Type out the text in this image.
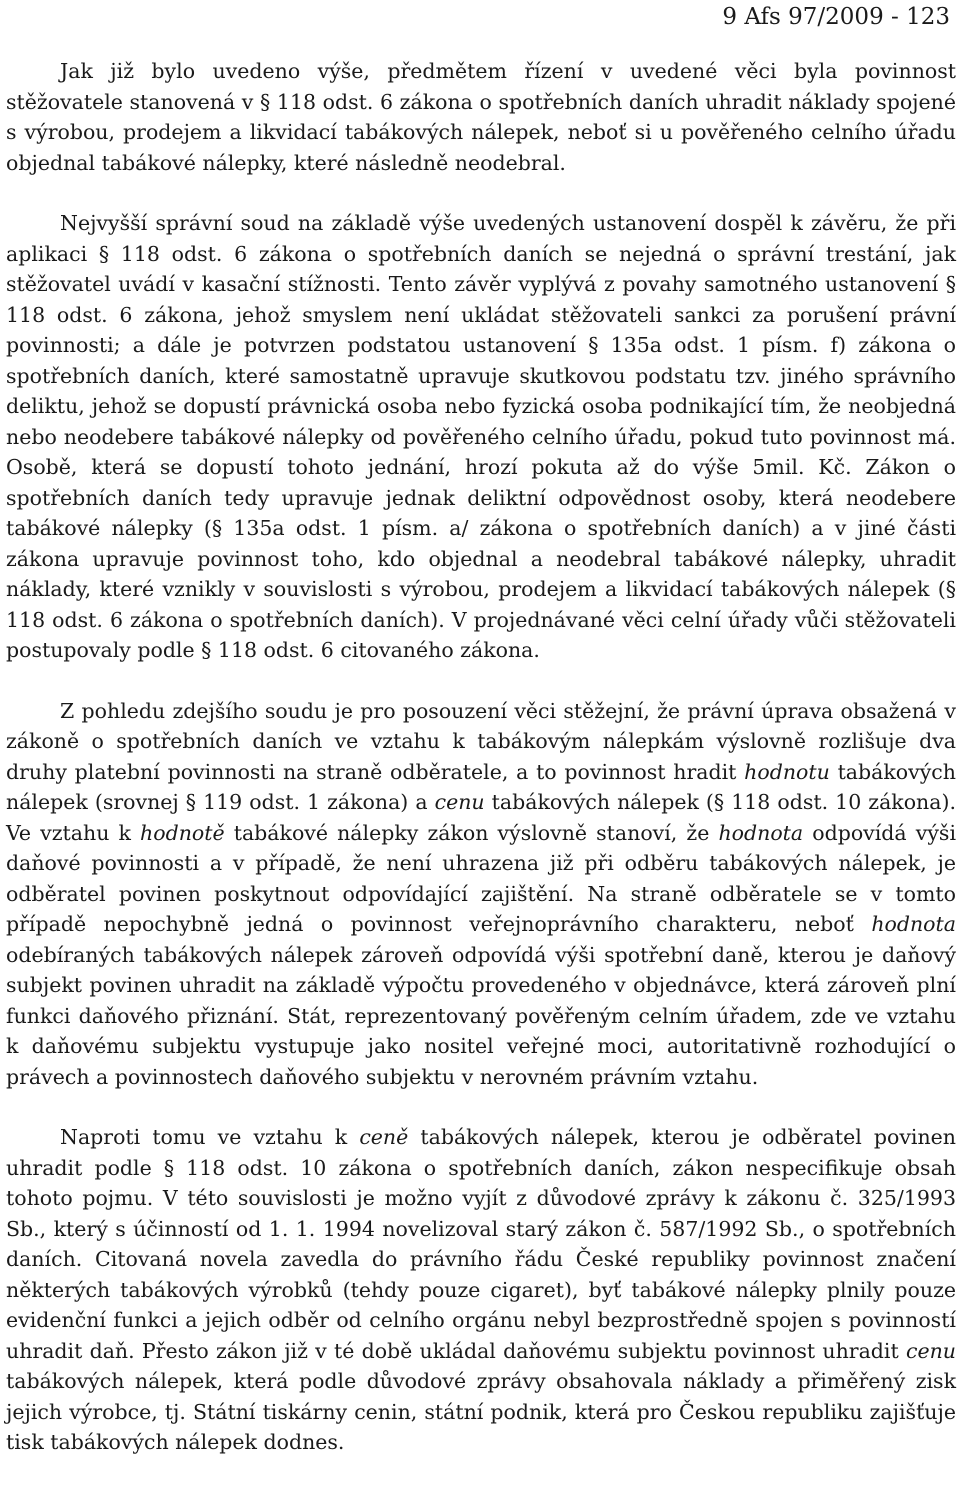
9 Afs 97/2009 - 123

Jak již bylo uvedeno výše, předmětem řízení v uvedené věci byla povinnost stěžovatele stanovená v § 118 odst. 6 zákona o spotřebních daních uhradit náklady spojené s výrobou, prodejem a likvidací tabákových nálepek, neboť si u pověřeného celního úřadu objednal tabákové nálepky, které následně neodebral.

Nejvyšší správní soud na základě výše uvedených ustanovení dospěl k závěru, že při aplikaci § 118 odst. 6 zákona o spotřebních daních se nejedná o správní trestání, jak stěžovatel uvádí v kasační stížnosti. Tento závěr vyplývá z povahy samotného ustanovení § 118 odst. 6 zákona, jehož smyslem není ukládat stěžovateli sankci za porušení právní povinnosti; a dále je potvrzen podstatou ustanovení § 135a odst. 1 písm. f) zákona o spotřebních daních, které samostatně upravuje skutkovou podstatu tzv. jiného správního deliktu, jehož se dopustí právnická osoba nebo fyzická osoba podnikající tím, že neobjedná nebo neodebere tabákové nálepky od pověřeného celního úřadu, pokud tuto povinnost má. Osobě, která se dopustí tohoto jednání, hrozí pokuta až do výše 5mil. Kč. Zákon o spotřebních daních tedy upravuje jednak deliktní odpovědnost osoby, která neodebere tabákové nálepky (§ 135a odst. 1 písm. a/ zákona o spotřebních daních) a v jiné části zákona upravuje povinnost toho, kdo objednal a neodebral tabákové nálepky, uhradit náklady, které vznikly v souvislosti s výrobou, prodejem a likvidací tabákových nálepek (§ 118 odst. 6 zákona o spotřebních daních). V projednávané věci celní úřady vůči stěžovateli postupovaly podle § 118 odst. 6 citovaného zákona.

Z pohledu zdejšího soudu je pro posouzení věci stěžejní, že právní úprava obsažená v zákoně o spotřebních daních ve vztahu k tabákovým nálepkám výslovně rozlišuje dva druhy platební povinnosti na straně odběratele, a to povinnost hradit hodnotu tabákových nálepek (srovnej § 119 odst. 1 zákona) a cenu tabákových nálepek (§ 118 odst. 10 zákona). Ve vztahu k hodnotě tabákové nálepky zákon výslovně stanoví, že hodnota odpovídá výši daňové povinnosti a v případě, že není uhrazena již při odběru tabákových nálepek, je odběratel povinen poskytnout odpovídající zajištění. Na straně odběratele se v tomto případě nepochybně jedná o povinnost veřejnoprávního charakteru, neboť hodnota odebíraných tabákových nálepek zároveň odpovídá výši spotřební daně, kterou je daňový subjekt povinen uhradit na základě výpočtu provedeného v objednávce, která zároveň plní funkci daňového přiznání. Stát, reprezentovaný pověřeným celním úřadem, zde ve vztahu k daňovému subjektu vystupuje jako nositel veřejné moci, autoritativně rozhodující o právech a povinnostech daňového subjektu v nerovném právním vztahu.

Naproti tomu ve vztahu k ceně tabákových nálepek, kterou je odběratel povinen uhradit podle § 118 odst. 10 zákona o spotřebních daních, zákon nespecifikuje obsah tohoto pojmu. V této souvislosti je možno vyjít z důvodové zprávy k zákonu č. 325/1993 Sb., který s účinností od 1. 1. 1994 novelizoval starý zákon č. 587/1992 Sb., o spotřebních daních. Citovaná novela zavedla do právního řádu České republiky povinnost značení některých tabákových výrobků (tehdy pouze cigaret), byť tabákové nálepky plnily pouze evidenční funkci a jejich odběr od celního orgánu nebyl bezprostředně spojen s povinností uhradit daň. Přesto zákon již v té době ukládal daňovému subjektu povinnost uhradit cenu tabákových nálepek, která podle důvodové zprávy obsahovala náklady a přiměřený zisk jejich výrobce, tj. Státní tiskárny cenin, státní podnik, která pro Českou republiku zajišťuje tisk tabákových nálepek dodnes.
